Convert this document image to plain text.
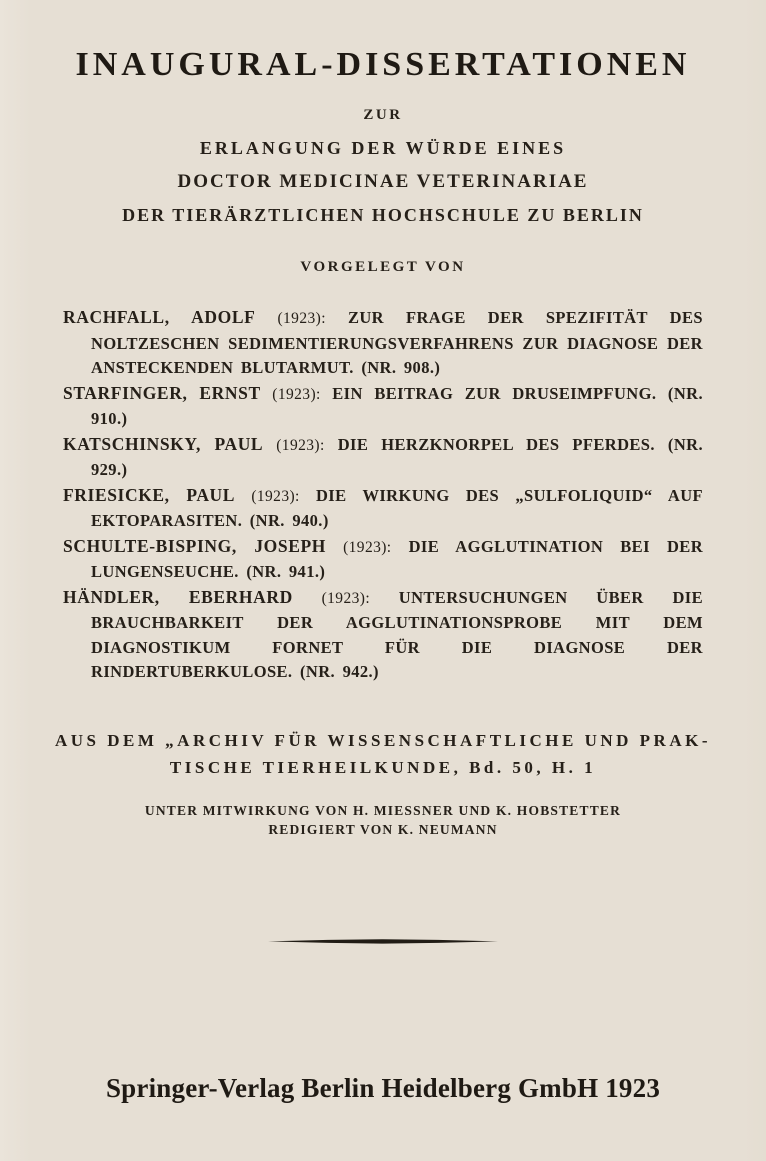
INAUGURAL-DISSERTATIONEN
ZUR
ERLANGUNG DER WÜRDE EINES
DOCTOR MEDICINAE VETERINARIAE
DER TIERÄRZTLICHEN HOCHSCHULE ZU BERLIN
VORGELEGT VON

RACHFALL, ADOLF (1923): ZUR FRAGE DER SPEZIFITÄT DES NOLTZESCHEN SEDIMENTIERUNGSVERFAHRENS ZUR DIAGNOSE DER ANSTECKENDEN BLUTARMUT. (NR. 908.)

STARFINGER, ERNST (1923): EIN BEITRAG ZUR DRUSEIMPFUNG. (NR. 910.)

KATSCHINSKY, PAUL (1923): DIE HERZKNORPEL DES PFERDES. (NR. 929.)

FRIESICKE, PAUL (1923): DIE WIRKUNG DES „SULFOLIQUID“ AUF EKTOPARASITEN. (NR. 940.)

SCHULTE-BISPING, JOSEPH (1923): DIE AGGLUTINATION BEI DER LUNGENSEUCHE. (NR. 941.)

HÄNDLER, EBERHARD (1923): UNTERSUCHUNGEN ÜBER DIE BRAUCHBARKEIT DER AGGLUTINATIONSPROBE MIT DEM DIAGNOSTIKUM FORNET FÜR DIE DIAGNOSE DER RINDERTUBERKULOSE. (NR. 942.)

AUS DEM „ARCHIV FÜR WISSENSCHAFTLICHE UND PRAK-
TISCHE TIERHEILKUNDE, Bd. 50, H. 1
UNTER MITWIRKUNG VON H. MIESSNER UND K. HOBSTETTER
REDIGIERT VON K. NEUMANN
Springer-Verlag Berlin Heidelberg GmbH 1923
